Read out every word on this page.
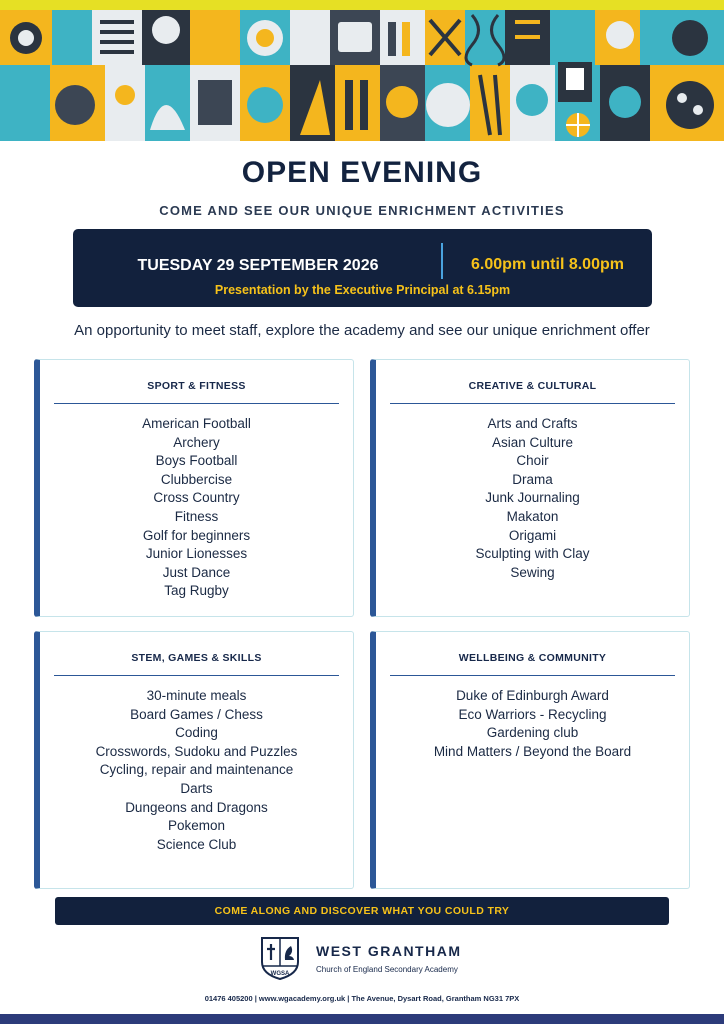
OPEN EVENING
COME AND SEE OUR UNIQUE ENRICHMENT ACTIVITIES
TUESDAY 29 SEPTEMBER 2026	6.00pm until 8.00pm
Presentation by the Executive Principal at 6.15pm
An opportunity to meet staff, explore the academy and see our unique enrichment offer
SPORT & FITNESS
American Football
Archery
Boys Football
Clubbercise
Cross Country
Fitness
Golf for beginners
Junior Lionesses
Just Dance
Tag Rugby
CREATIVE & CULTURAL
Arts and Crafts
Asian Culture
Choir
Drama
Junk Journaling
Makaton
Origami
Sculpting with Clay
Sewing
STEM, GAMES & SKILLS
30-minute meals
Board Games / Chess
Coding
Crosswords, Sudoku and Puzzles
Cycling, repair and maintenance
Darts
Dungeons and Dragons
Pokemon
Science Club
WELLBEING & COMMUNITY
Duke of Edinburgh Award
Eco Warriors - Recycling
Gardening club
Mind Matters / Beyond the Board
COME ALONG AND DISCOVER WHAT YOU COULD TRY
WGSA
WEST GRANTHAM
Church of England Secondary Academy
01476 405200 | www.wgacademy.org.uk | The Avenue, Dysart Road, Grantham NG31 7PX
